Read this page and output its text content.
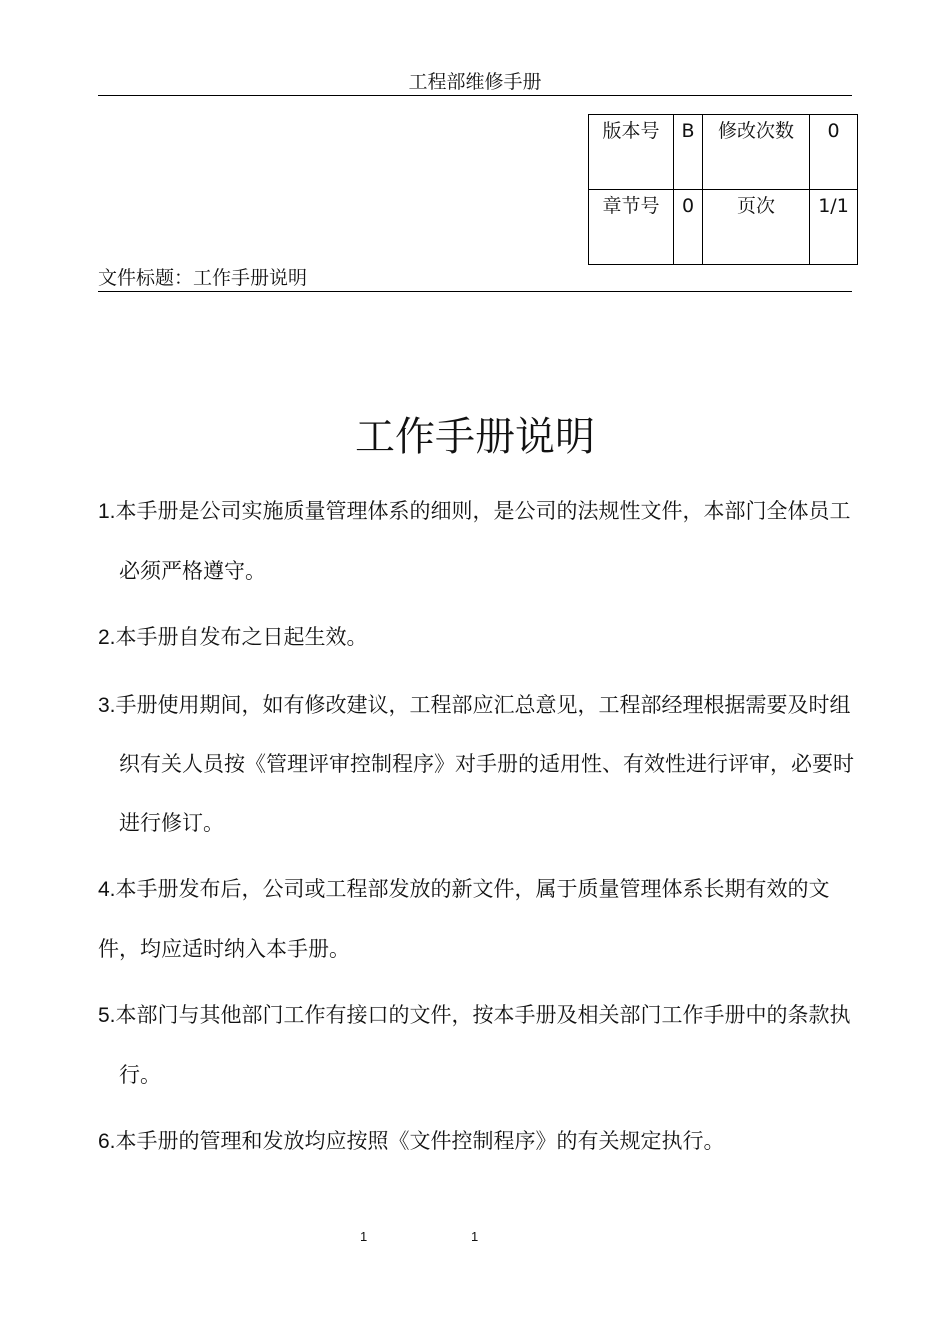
工程部维修手册
版本号	B	修改次数	0
章节号	0	页次	1/1
文件标题：工作手册说明
工作手册说明

1.本手册是公司实施质量管理体系的细则，是公司的法规性文件，本部门全体员工必须严格遵守。

2.本手册自发布之日起生效。

3.手册使用期间，如有修改建议，工程部应汇总意见，工程部经理根据需要及时组织有关人员按《管理评审控制程序》对手册的适用性、有效性进行评审，必要时进行修订。

4.本手册发布后，公司或工程部发放的新文件，属于质量管理体系长期有效的文件，均应适时纳入本手册。

5.本部门与其他部门工作有接口的文件，按本手册及相关部门工作手册中的条款执行。

6.本手册的管理和发放均应按照《文件控制程序》的有关规定执行。

1	1
